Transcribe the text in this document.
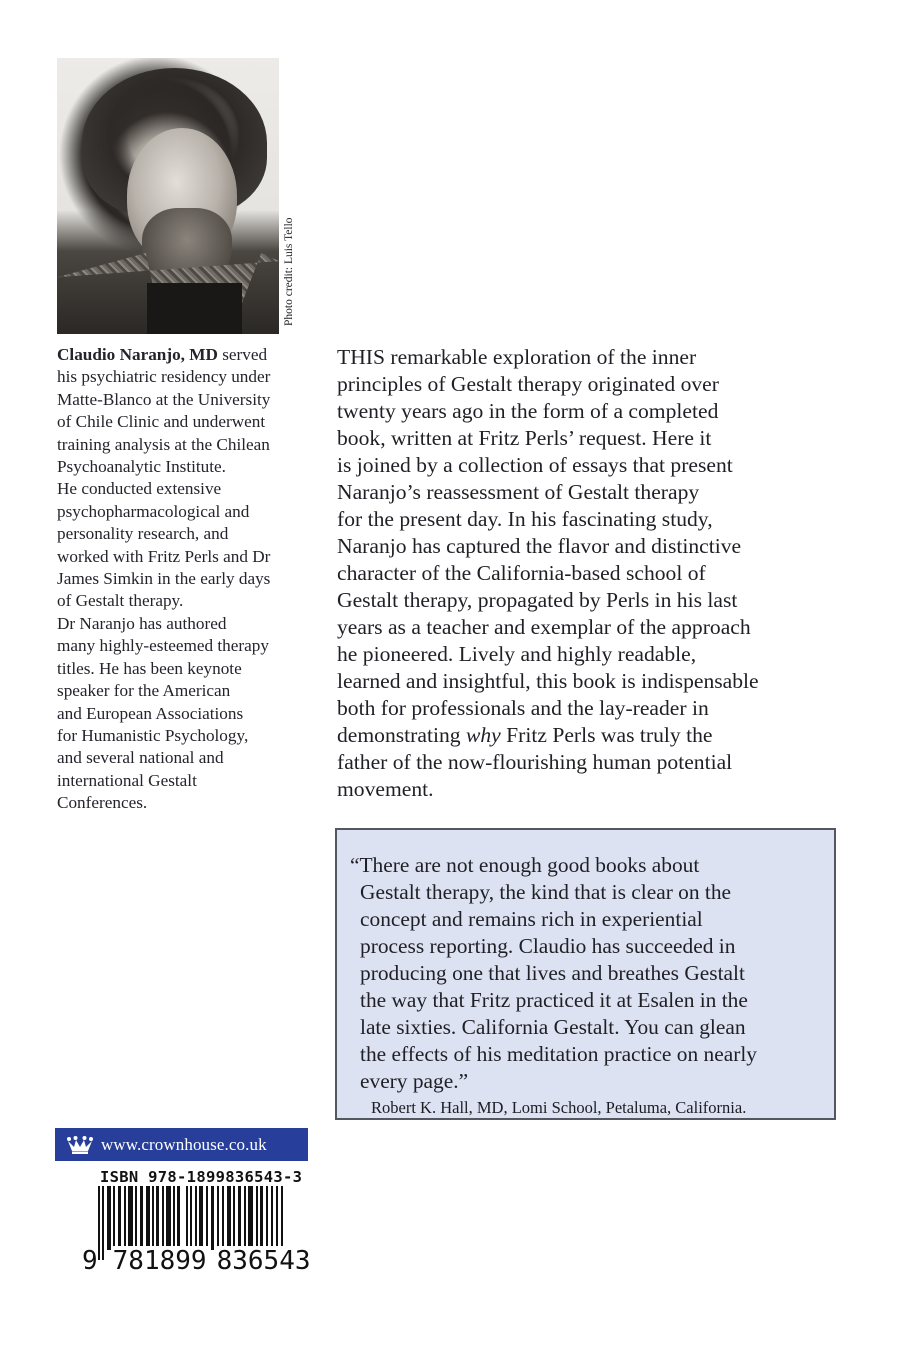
Photo credit: Luis Tello
Claudio Naranjo, MD served
his psychiatric residency under
Matte-Blanco at the University
of Chile Clinic and underwent
training analysis at the Chilean
Psychoanalytic Institute.
He conducted extensive
psychopharmacological and
personality research, and
worked with Fritz Perls and Dr
James Simkin in the early days
of Gestalt therapy.
Dr Naranjo has authored
many highly-esteemed therapy
titles. He has been keynote
speaker for the American
and European Associations
for Humanistic Psychology,
and several national and
international Gestalt
Conferences.
THIS remarkable exploration of the inner
principles of Gestalt therapy originated over
twenty years ago in the form of a completed
book, written at Fritz Perls’ request. Here it
is joined by a collection of essays that present
Naranjo’s reassessment of Gestalt therapy
for the present day. In his fascinating study,
Naranjo has captured the flavor and distinctive
character of the California-based school of
Gestalt therapy, propagated by Perls in his last
years as a teacher and exemplar of the approach
he pioneered. Lively and highly readable,
learned and insightful, this book is indispensable
both for professionals and the lay-reader in
demonstrating why Fritz Perls was truly the
father of the now-flourishing human potential
movement.
“There are not enough good books about
Gestalt therapy, the kind that is clear on the
concept and remains rich in experiential
process reporting. Claudio has succeeded in
producing one that lives and breathes Gestalt
the way that Fritz practiced it at Esalen in the
late sixties. California Gestalt. You can glean
the effects of his meditation practice on nearly
every page.”
Robert K. Hall, MD, Lomi School, Petaluma, California.
www.crownhouse.co.uk
ISBN 978-1899836543-3
9 781899 836543
